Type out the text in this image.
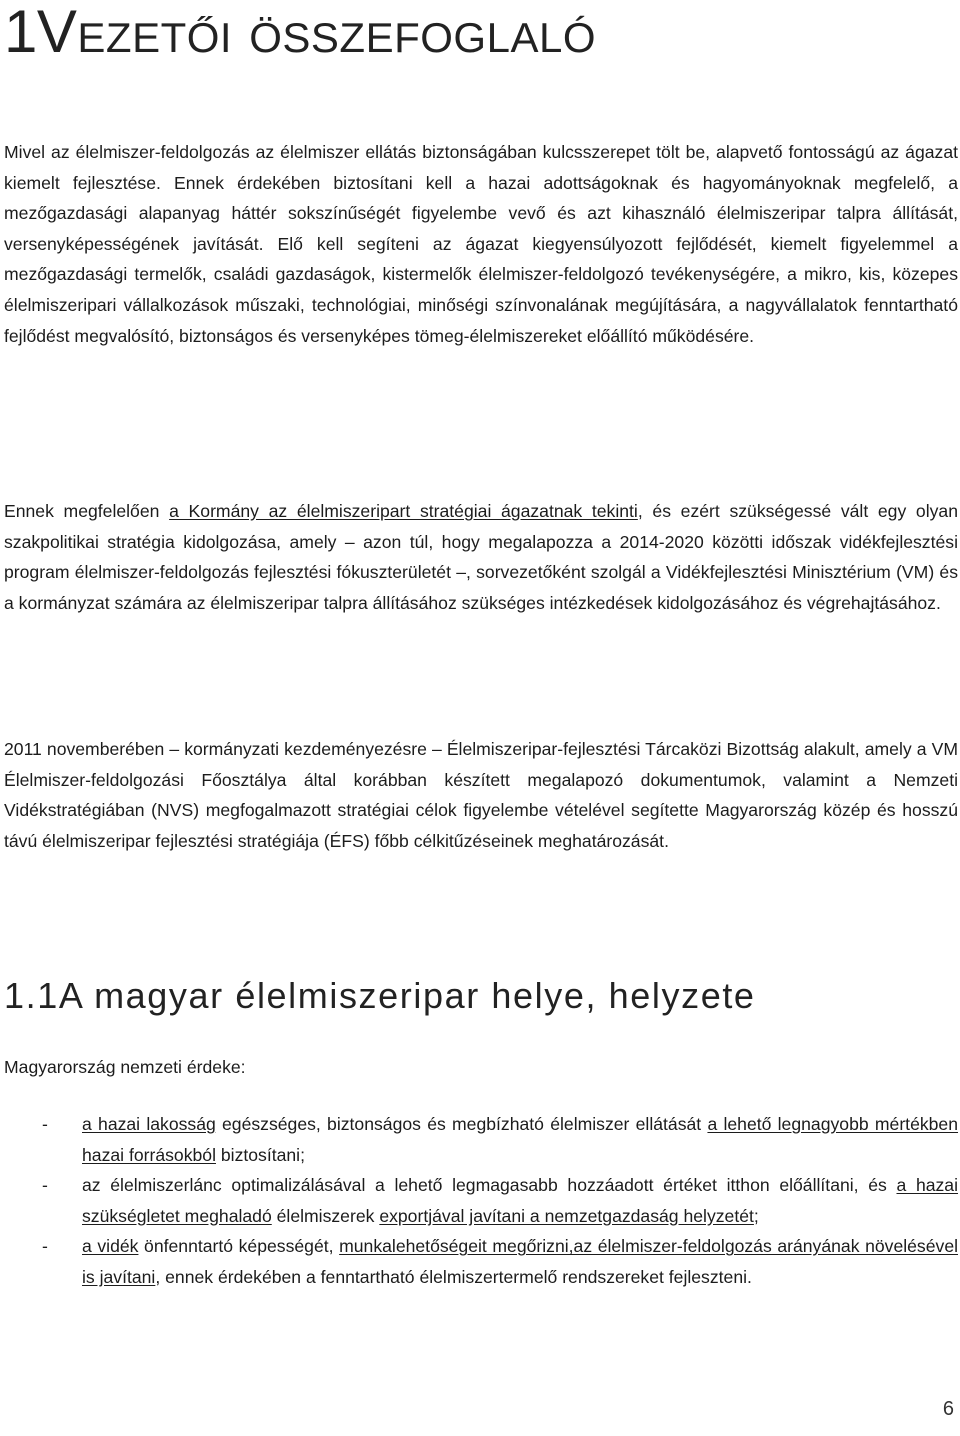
1Vezetői összefoglaló

Mivel az élelmiszer-feldolgozás az élelmiszer ellátás biztonságában kulcsszerepet tölt be, alapvető fontosságú az ágazat kiemelt fejlesztése. Ennek érdekében biztosítani kell a hazai adottságoknak és hagyományoknak megfelelő, a mezőgazdasági alapanyag háttér sokszínűségét figyelembe vevő és azt kihasználó élelmiszeripar talpra állítását, versenyképességének javítását. Elő kell segíteni az ágazat kiegyensúlyozott fejlődését, kiemelt figyelemmel a mezőgazdasági termelők, családi gazdaságok, kistermelők élelmiszer-feldolgozó tevékenységére, a mikro, kis, közepes élelmiszeripari vállalkozások műszaki, technológiai, minőségi színvonalának megújítására, a nagyvállalatok fenntartható fejlődést megvalósító, biztonságos és versenyképes tömeg-élelmiszereket előállító működésére.

Ennek megfelelően a Kormány az élelmiszeripart stratégiai ágazatnak tekinti, és ezért szükségessé vált egy olyan szakpolitikai stratégia kidolgozása, amely – azon túl, hogy megalapozza a 2014-2020 közötti időszak vidékfejlesztési program élelmiszer-feldolgozás fejlesztési fókuszterületét –, sorvezetőként szolgál a Vidékfejlesztési Minisztérium (VM) és a kormányzat számára az élelmiszeripar talpra állításához szükséges intézkedések kidolgozásához és végrehajtásához.

2011 novemberében – kormányzati kezdeményezésre – Élelmiszeripar-fejlesztési Tárcaközi Bizottság alakult, amely a VM Élelmiszer-feldolgozási Főosztálya által korábban készített megalapozó dokumentumok, valamint a Nemzeti Vidékstratégiában (NVS) megfogalmazott stratégiai célok figyelembe vételével segítette Magyarország közép és hosszú távú élelmiszeripar fejlesztési stratégiája (ÉFS) főbb célkitűzéseinek meghatározását.

1.1A magyar élelmiszeripar helye, helyzete
Magyarország nemzeti érdeke:
- a hazai lakosság egészséges, biztonságos és megbízható élelmiszer ellátását a lehető legnagyobb mértékben hazai forrásokból biztosítani;
- az élelmiszerlánc optimalizálásával a lehető legmagasabb hozzáadott értéket itthon előállítani, és a hazai szükségletet meghaladó élelmiszerek exportjával javítani a nemzetgazdaság helyzetét;
- a vidék önfenntartó képességét, munkalehetőségeit megőrizni,az élelmiszer-feldolgozás arányának növelésével is javítani, ennek érdekében a fenntartható élelmiszertermelő rendszereket fejleszteni.
6
